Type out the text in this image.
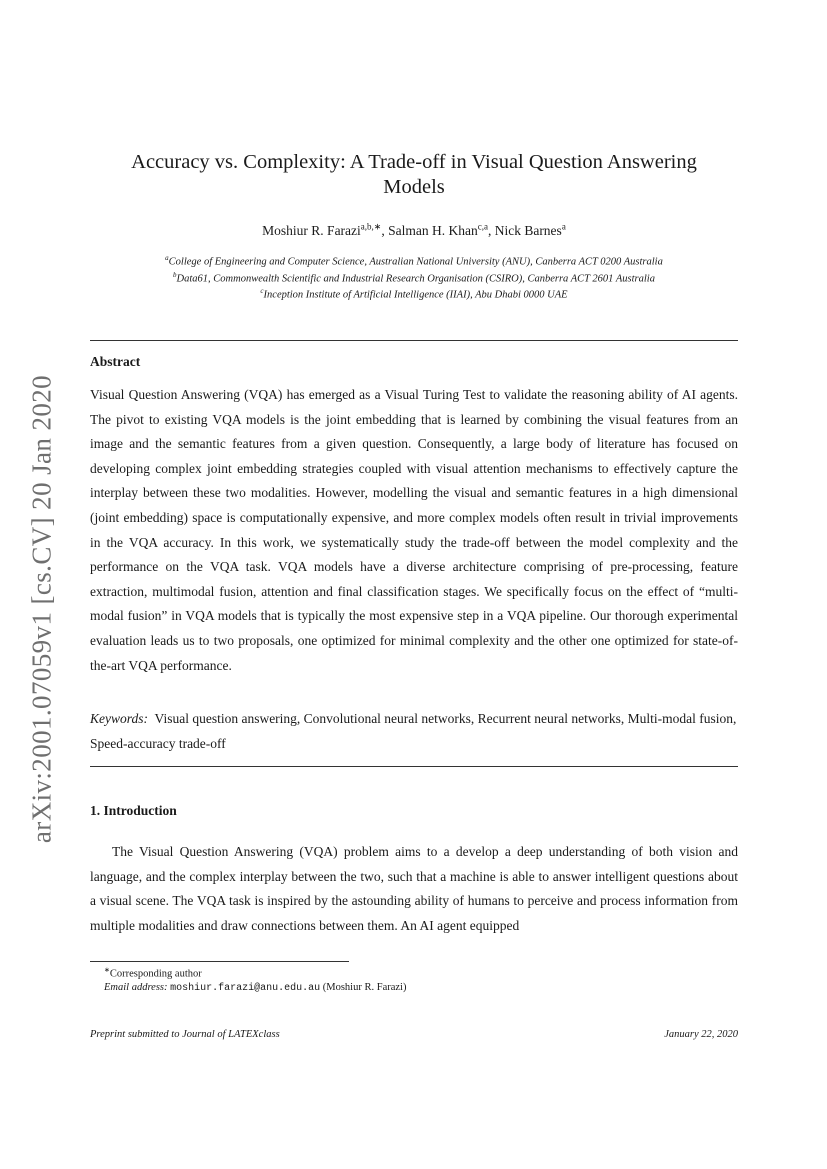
arXiv:2001.07059v1 [cs.CV] 20 Jan 2020
Accuracy vs. Complexity: A Trade-off in Visual Question Answering
Models
Moshiur R. Farazi$^{a,b,∗}$, Salman H. Khan$^{c,a}$, Nick Barnes$^a$
$^a$College of Engineering and Computer Science, Australian National University (ANU), Canberra ACT 0200 Australia
$^b$Data61, Commonwealth Scientific and Industrial Research Organisation (CSIRO), Canberra ACT 2601 Australia
$^c$Inception Institute of Artificial Intelligence (IIAI), Abu Dhabi 0000 UAE
Abstract
Visual Question Answering (VQA) has emerged as a Visual Turing Test to validate the reasoning ability of AI agents. The pivot to existing VQA models is the joint embedding that is learned by combining the visual features from an image and the semantic features from a given question. Consequently, a large body of literature has focused on developing complex joint embedding strategies coupled with visual attention mechanisms to effectively capture the interplay between these two modalities. However, modelling the visual and semantic features in a high dimensional (joint embedding) space is computationally expensive, and more complex models often result in trivial improvements in the VQA accuracy. In this work, we systematically study the trade-off between the model complexity and the performance on the VQA task. VQA models have a diverse architecture comprising of pre-processing, feature extraction, multimodal fusion, attention and final classification stages. We specifically focus on the effect of “multi-modal fusion” in VQA models that is typically the most expensive step in a VQA pipeline. Our thorough experimental evaluation leads us to two proposals, one optimized for minimal complexity and the other one optimized for state-of-the-art VQA performance.
Keywords: Visual question answering, Convolutional neural networks, Recurrent neural networks, Multi-modal fusion, Speed-accuracy trade-off
1. Introduction
The Visual Question Answering (VQA) problem aims to a develop a deep understanding of both vision and language, and the complex interplay between the two, such that a machine is able to answer intelligent questions about a visual scene. The VQA task is inspired by the astounding ability of humans to perceive and process information from multiple modalities and draw connections between them. An AI agent equipped
∗Corresponding author
Email address: moshiur.farazi@anu.edu.au (Moshiur R. Farazi)
Preprint submitted to Journal of LATEXclass	January 22, 2020
